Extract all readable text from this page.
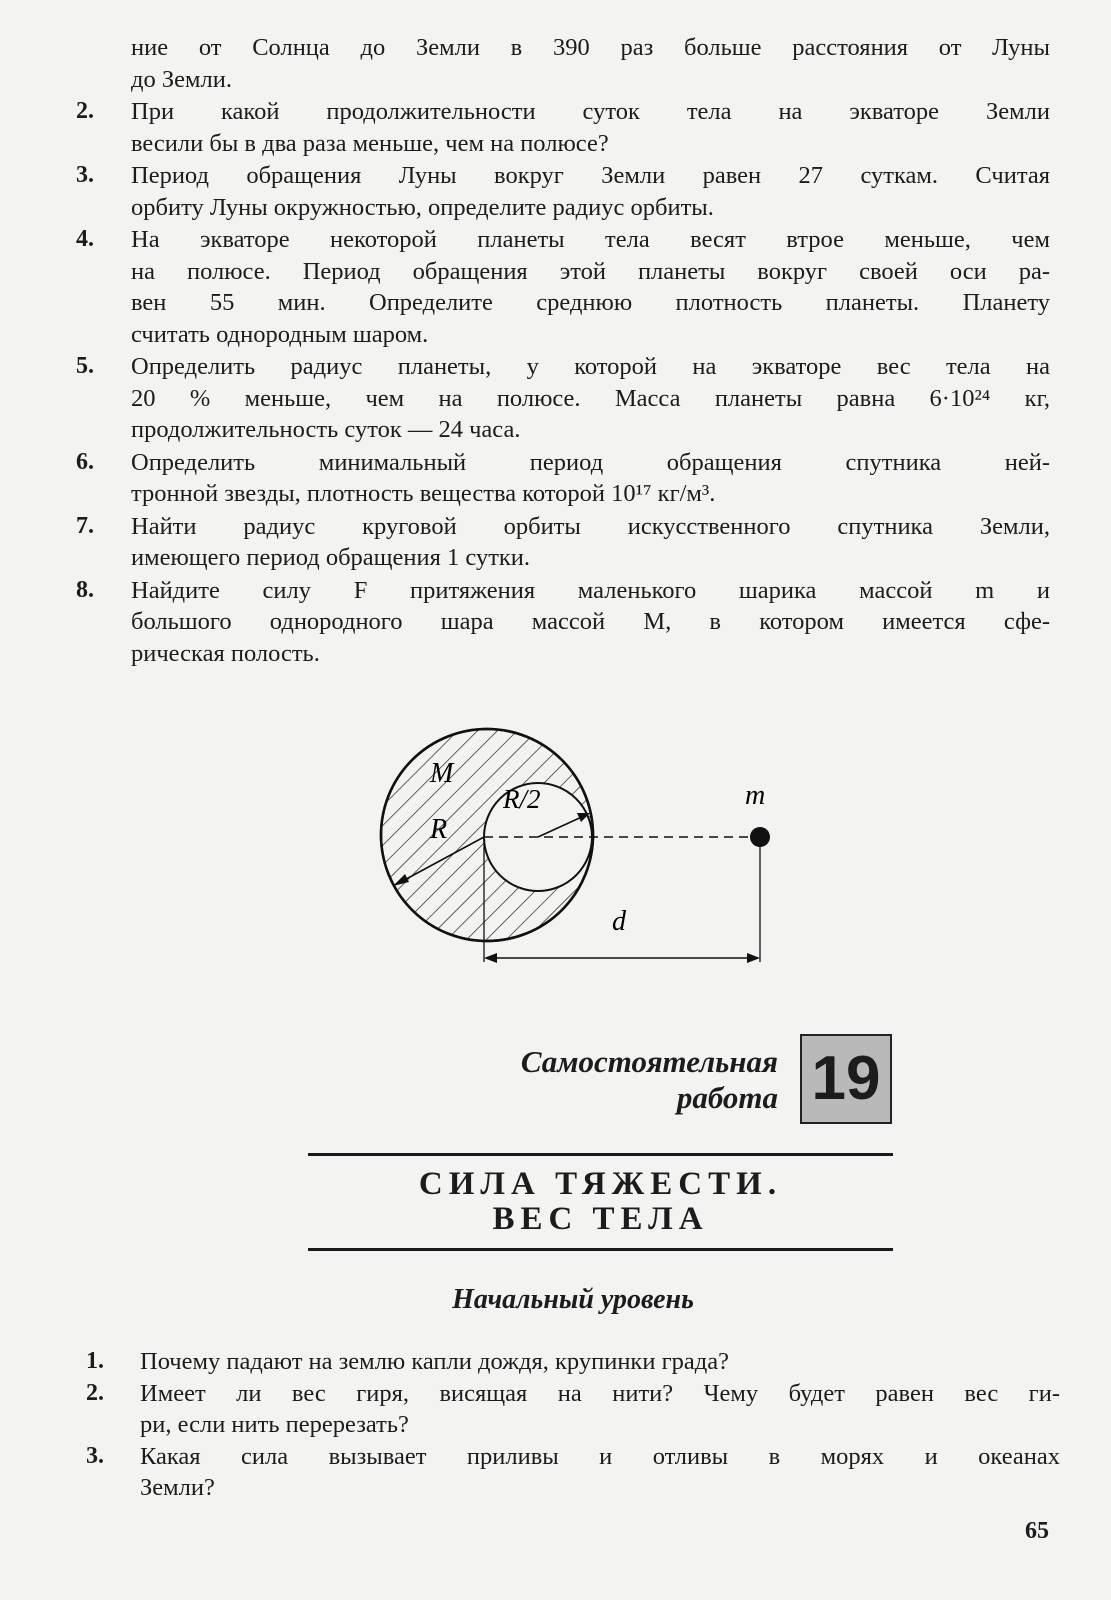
ние от Солнца до Земли в 390 раз больше расстояния от Луны
до Земли.
2. При какой продолжительности суток тела на экваторе Земли
весили бы в два раза меньше, чем на полюсе?
3. Период обращения Луны вокруг Земли равен 27 суткам. Считая
орбиту Луны окружностью, определите радиус орбиты.
4. На экваторе некоторой планеты тела весят втрое меньше, чем
на полюсе. Период обращения этой планеты вокруг своей оси ра-
вен 55 мин. Определите среднюю плотность планеты. Планету
считать однородным шаром.
5. Определить радиус планеты, у которой на экваторе вес тела на
20 % меньше, чем на полюсе. Масса планеты равна 6·10²⁴ кг,
продолжительность суток — 24 часа.
6. Определить минимальный период обращения спутника ней-
тронной звезды, плотность вещества которой 10¹⁷ кг/м³.
7. Найти радиус круговой орбиты искусственного спутника Земли,
имеющего период обращения 1 сутки.
8. Найдите силу F притяжения маленького шарика массой m и
большого однородного шара массой M, в котором имеется сфе-
рическая полость.
M
R
R/2	m
d
Самостоятельная
работа 19
СИЛА ТЯЖЕСТИ.
ВЕС ТЕЛА
Начальный уровень
1. Почему падают на землю капли дождя, крупинки града?
2. Имеет ли вес гиря, висящая на нити? Чему будет равен вес ги-
ри, если нить перерезать?
3. Какая сила вызывает приливы и отливы в морях и океанах
Земли?
65
